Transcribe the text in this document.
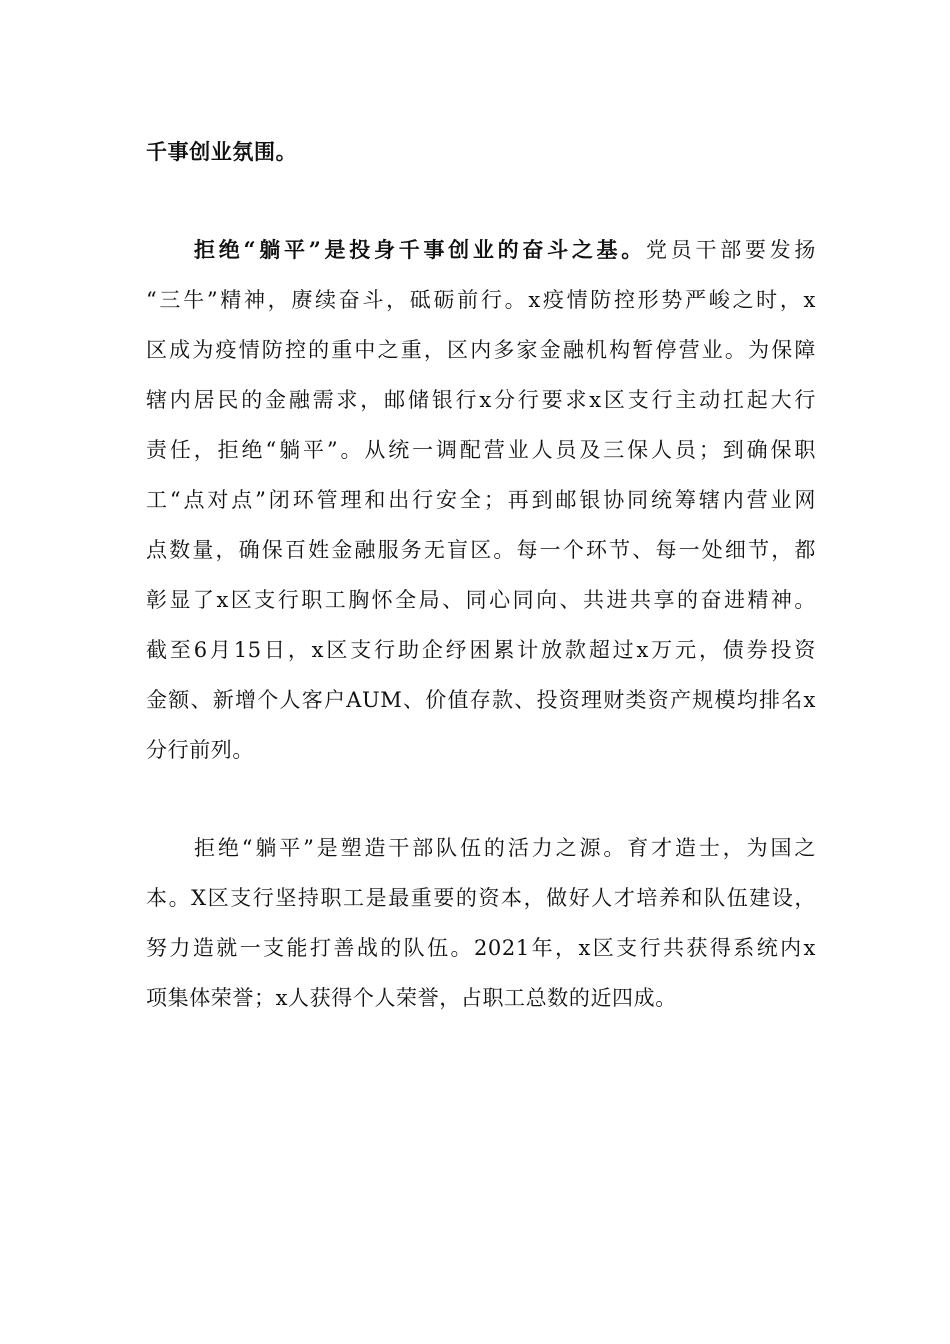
千事创业氛围。
拒绝“躺平”是投身千事创业的奋斗之基。党员干部要发扬
“三牛”精神，赓续奋斗，砥砺前行。x疫情防控形势严峻之时，x
区成为疫情防控的重中之重，区内多家金融机构暂停营业。为保障
辖内居民的金融需求，邮储银行x分行要求x区支行主动扛起大行
责任，拒绝“躺平”。从统一调配营业人员及三保人员；到确保职
工“点对点”闭环管理和出行安全；再到邮银协同统筹辖内营业网
点数量，确保百姓金融服务无盲区。每一个环节、每一处细节，都
彰显了x区支行职工胸怀全局、同心同向、共进共享的奋进精神。
截至6月15日，x区支行助企纾困累计放款超过x万元，债券投资
金额、新增个人客户AUM、价值存款、投资理财类资产规模均排名x
分行前列。
拒绝“躺平”是塑造干部队伍的活力之源。育才造士，为国之
本。X区支行坚持职工是最重要的资本，做好人才培养和队伍建设，
努力造就一支能打善战的队伍。2021年，x区支行共获得系统内x
项集体荣誉；x人获得个人荣誉，占职工总数的近四成。
